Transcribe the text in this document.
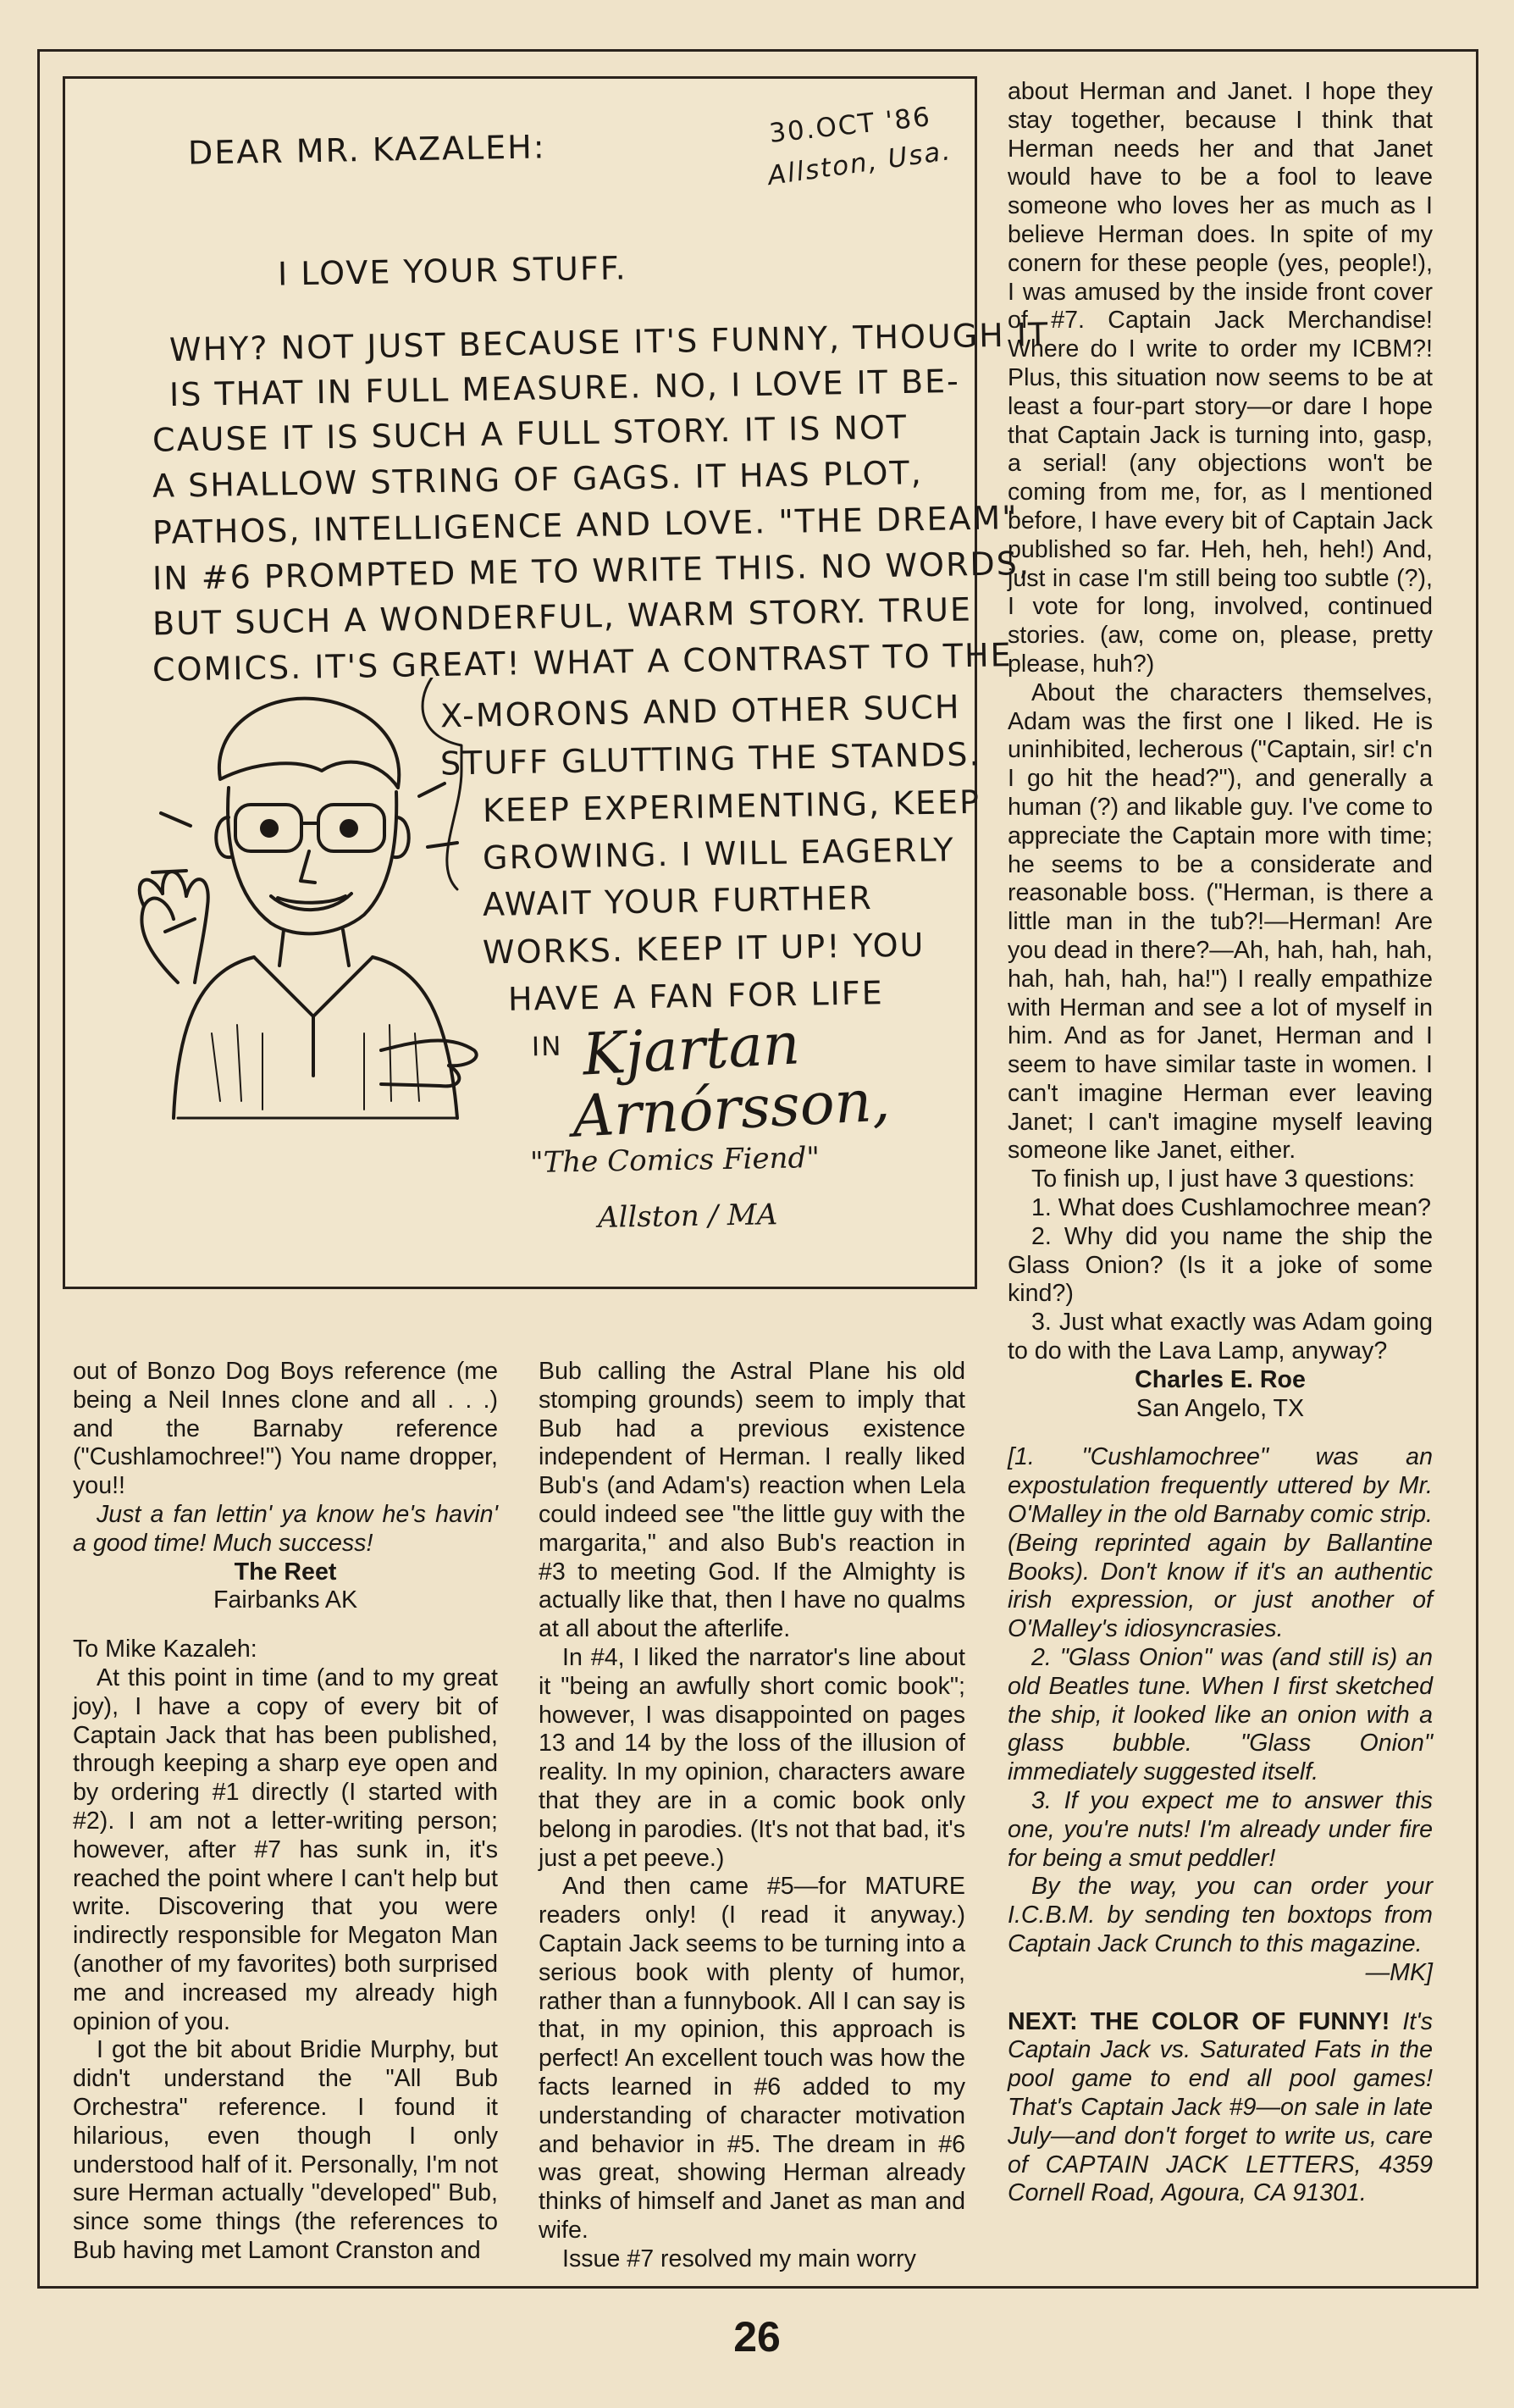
DEAR MR. KAZALEH:
30.OCT '86
Allston, Usa.
I LOVE YOUR STUFF.
WHY? NOT JUST BECAUSE IT'S FUNNY, THOUGH IT
IS THAT IN FULL MEASURE. NO, I LOVE IT BE-
CAUSE IT IS SUCH A FULL STORY. IT IS NOT
A SHALLOW STRING OF GAGS. IT HAS PLOT,
PATHOS, INTELLIGENCE AND LOVE. "THE DREAM"
IN #6 PROMPTED ME TO WRITE THIS. NO WORDS,
BUT SUCH A WONDERFUL, WARM STORY. TRUE
COMICS. IT'S GREAT! WHAT A CONTRAST TO THE
X-MORONS AND OTHER SUCH
STUFF GLUTTING THE STANDS.
KEEP EXPERIMENTING, KEEP
GROWING. I WILL EAGERLY
AWAIT YOUR FURTHER
WORKS. KEEP IT UP! YOU
HAVE A FAN FOR LIFE
IN Kjartan
Arnórsson,
"The Comics Fiend"
Allston / MA

out of Bonzo Dog Boys reference (me being a Neil Innes clone and all . . .) and the Barnaby reference ("Cushlamochree!") You name dropper, you!!

Just a fan lettin' ya know he's havin' a good time! Much success!

The Reet

Fairbanks AK

To Mike Kazaleh:

At this point in time (and to my great joy), I have a copy of every bit of Captain Jack that has been published, through keeping a sharp eye open and by ordering #1 directly (I started with #2). I am not a letter-writing person; however, after #7 has sunk in, it's reached the point where I can't help but write. Discovering that you were indirectly responsible for Megaton Man (another of my favorites) both surprised me and increased my already high opinion of you.

I got the bit about Bridie Murphy, but didn't understand the "All Bub Orchestra" reference. I found it hilarious, even though I only understood half of it. Personally, I'm not sure Herman actually "developed" Bub, since some things (the references to Bub having met Lamont Cranston and

Bub calling the Astral Plane his old stomping grounds) seem to imply that Bub had a previous existence independent of Herman. I really liked Bub's (and Adam's) reaction when Lela could indeed see "the little guy with the margarita," and also Bub's reaction in #3 to meeting God. If the Almighty is actually like that, then I have no qualms at all about the afterlife.

In #4, I liked the narrator's line about it "being an awfully short comic book"; however, I was disappointed on pages 13 and 14 by the loss of the illusion of reality. In my opinion, characters aware that they are in a comic book only belong in parodies. (It's not that bad, it's just a pet peeve.)

And then came #5—for MATURE readers only! (I read it anyway.) Captain Jack seems to be turning into a serious book with plenty of humor, rather than a funnybook. All I can say is that, in my opinion, this approach is perfect! An excellent touch was how the facts learned in #6 added to my understanding of character motivation and behavior in #5. The dream in #6 was great, showing Herman already thinks of himself and Janet as man and wife.

Issue #7 resolved my main worry

about Herman and Janet. I hope they stay together, because I think that Herman needs her and that Janet would have to be a fool to leave someone who loves her as much as I believe Herman does. In spite of my conern for these people (yes, people!), I was amused by the inside front cover of #7. Captain Jack Merchandise! Where do I write to order my ICBM?! Plus, this situation now seems to be at least a four-part story—or dare I hope that Captain Jack is turning into, gasp, a serial! (any objections won't be coming from me, for, as I mentioned before, I have every bit of Captain Jack published so far. Heh, heh, heh!) And, just in case I'm still being too subtle (?), I vote for long, involved, continued stories. (aw, come on, please, pretty please, huh?)

About the characters themselves, Adam was the first one I liked. He is uninhibited, lecherous ("Captain, sir! c'n I go hit the head?"), and generally a human (?) and likable guy. I've come to appreciate the Captain more with time; he seems to be a considerate and reasonable boss. ("Herman, is there a little man in the tub?!—Herman! Are you dead in there?—Ah, hah, hah, hah, hah, hah, hah, ha!") I really empathize with Herman and see a lot of myself in him. And as for Janet, Herman and I seem to have similar taste in women. I can't imagine Herman ever leaving Janet; I can't imagine myself leaving someone like Janet, either.

To finish up, I just have 3 questions:

1. What does Cushlamochree mean?

2. Why did you name the ship the Glass Onion? (Is it a joke of some kind?)

3. Just what exactly was Adam going to do with the Lava Lamp, anyway?

Charles E. Roe

San Angelo, TX

[1. "Cushlamochree" was an expostulation frequently uttered by Mr. O'Malley in the old Barnaby comic strip. (Being reprinted again by Ballantine Books). Don't know if it's an authentic irish expression, or just another of O'Malley's idiosyncrasies.

2. "Glass Onion" was (and still is) an old Beatles tune. When I first sketched the ship, it looked like an onion with a glass bubble. "Glass Onion" immediately suggested itself.

3. If you expect me to answer this one, you're nuts! I'm already under fire for being a smut peddler!

By the way, you can order your I.C.B.M. by sending ten boxtops from Captain Jack Crunch to this magazine.

—MK]

NEXT: THE COLOR OF FUNNY! It's Captain Jack vs. Saturated Fats in the pool game to end all pool games! That's Captain Jack #9—on sale in late July—and don't forget to write us, care of CAPTAIN JACK LETTERS, 4359 Cornell Road, Agoura, CA 91301.

26
